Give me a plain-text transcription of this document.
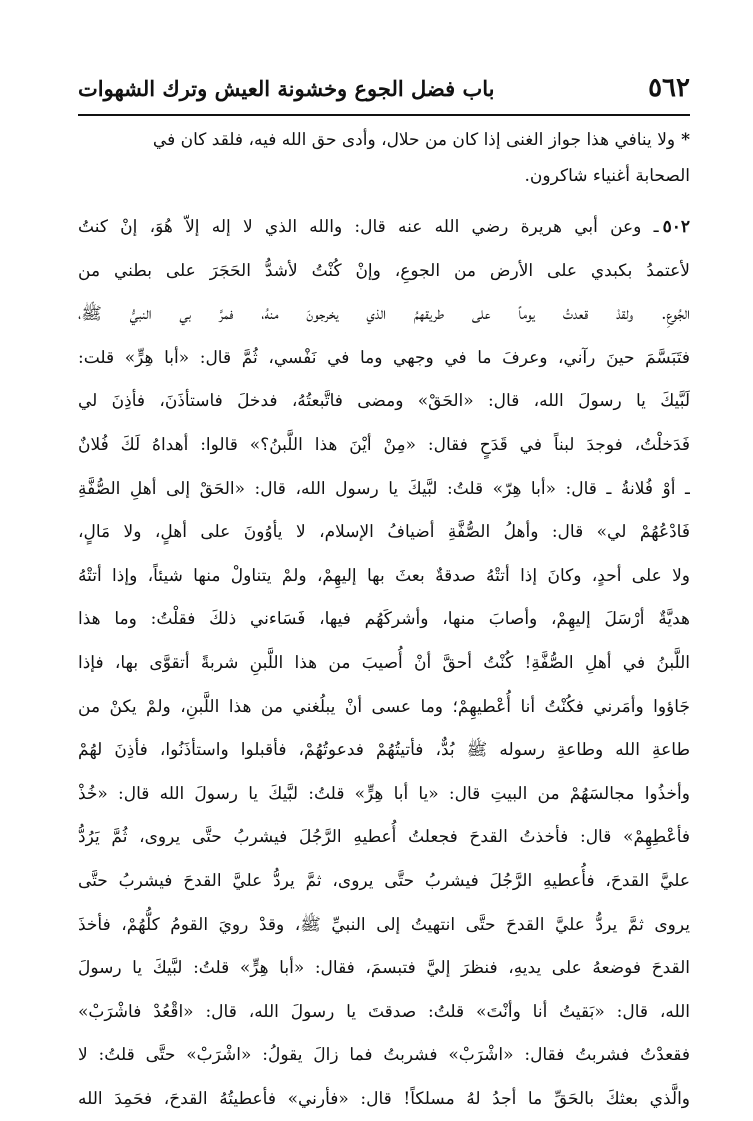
٥٦٢
باب فضل الجوع وخشونة العيش وترك الشهوات
*ولا ينافي هذا جواز الغنى إذا كان من حلال، وأدى حق الله فيه، فلقد كان في
الصحابة أغنياء شاكرون.
٥٠٢ـ وعن أبي هريرة رضي الله عنه قال: والله الذي لا إله إلاّ هُوَ، إنْ كنتُ
لأعتمدُ بكبدي على الأرض من الجوعِ، وإنْ كُنْتُ لأشدُّ الحَجَرَ على بطني من
الجُوعِ. ولقدْ قعدتُ يوماً على طريقهمُ الذي يخرجونَ منهُ، فمرَّ بي النبيُّ ﷺ،
فتَبَسَّمَ حينَ رآني، وعرفَ ما في وجهي وما في نَفْسي، ثُمَّ قال: «أبا هِرٍّ» قلت:
لَبَّيكَ يا رسولَ الله، قال: «الحَقْ» ومضى فاتَّبعتُهُ، فدخلَ فاستأذَنَ، فأذِنَ لي
فَدَخلْتُ، فوجدَ لبناً في قَدَحٍ فقال: «مِنْ أيْنَ هذا اللَّبنُ؟» قالوا: أهداهُ لَكَ فُلانٌ
ـ أوْ فُلانةُ ـ قال: «أبا هِرّ» قلتُ: لبَّيكَ يا رسول الله، قال: «الحَقْ إلى أهلِ الصُّفَّةِ
فَادْعُهُمْ لي» قال: وأهلُ الصُّفَّةِ أضيافُ الإسلام، لا يأوُونَ على أهلٍ، ولا مَالٍ،
ولا على أحدٍ، وكانَ إذا أتتْهُ صدقةٌ بعثَ بها إليهِمْ، ولمْ يتناولْ منها شيئاً، وإذا أتتْهُ
هديَّةٌ أرْسَلَ إليهِمْ، وأصابَ منها، وأشركَهُم فيها، فَسَاءني ذلكَ فقلْتُ: وما هذا
اللَّبنُ في أهلِ الصُّفَّةِ! كُنْتُ أحقَّ أنْ أُصيبَ من هذا اللَّبنِ شربةً أتقوَّى بها، فإذا
جَاؤوا وأمَرني فكُنْتُ أنا أُعْطيهِمْ؛ وما عسى أنْ يبلُغني من هذا اللَّبنِ، ولمْ يكنْ من
طاعةِ الله وطاعةِ رسوله ﷺ بُدٌّ، فأتيتُهُمْ فدعوتُهُمْ، فأقبلوا واستأذَنُوا، فأذِنَ لهُمْ
وأخذُوا مجالسَهُمْ من البيتِ قال: «يا أبا هِرٍّ» قلتُ: لبَّيكَ يا رسولَ الله قال: «خُذْ
فأعْطِهِمْ» قال: فأخذتُ القدحَ فجعلتُ أُعطيهِ الرَّجُلَ فيشربُ حتَّى يروى، ثُمَّ يَرُدُّ
عليَّ القدحَ، فأُعطيهِ الرَّجُلَ فيشربُ حتَّى يروى، ثمَّ يردُّ عليَّ القدحَ فيشربُ حتَّى
يروى ثمَّ يردُّ عليَّ القدحَ حتَّى انتهيتُ إلى النبيِّ ﷺ، وقدْ رويَ القومُ كلُّهُمْ، فأخذَ
القدحَ فوضعهُ على يديهِ، فنظرَ إليَّ فتبسمَ، فقال: «أبا هِرٍّ» قلتُ: لبَّيكَ يا رسولَ
الله، قال: «بَقيتُ أنا وأنْتَ» قلتُ: صدقتَ يا رسولَ الله، قال: «اقْعُدْ فاشْرَبْ»
فقعدْتُ فشربتُ فقال: «اشْرَبْ» فشربتُ فما زالَ يقولُ: «اشْرَبْ» حتَّى قلتُ: لا
والَّذي بعثكَ بالحَقِّ ما أجدُ لهُ مسلكاً! قال: «فأرني» فأعطيتُهُ القدحَ، فحَمِدَ الله
